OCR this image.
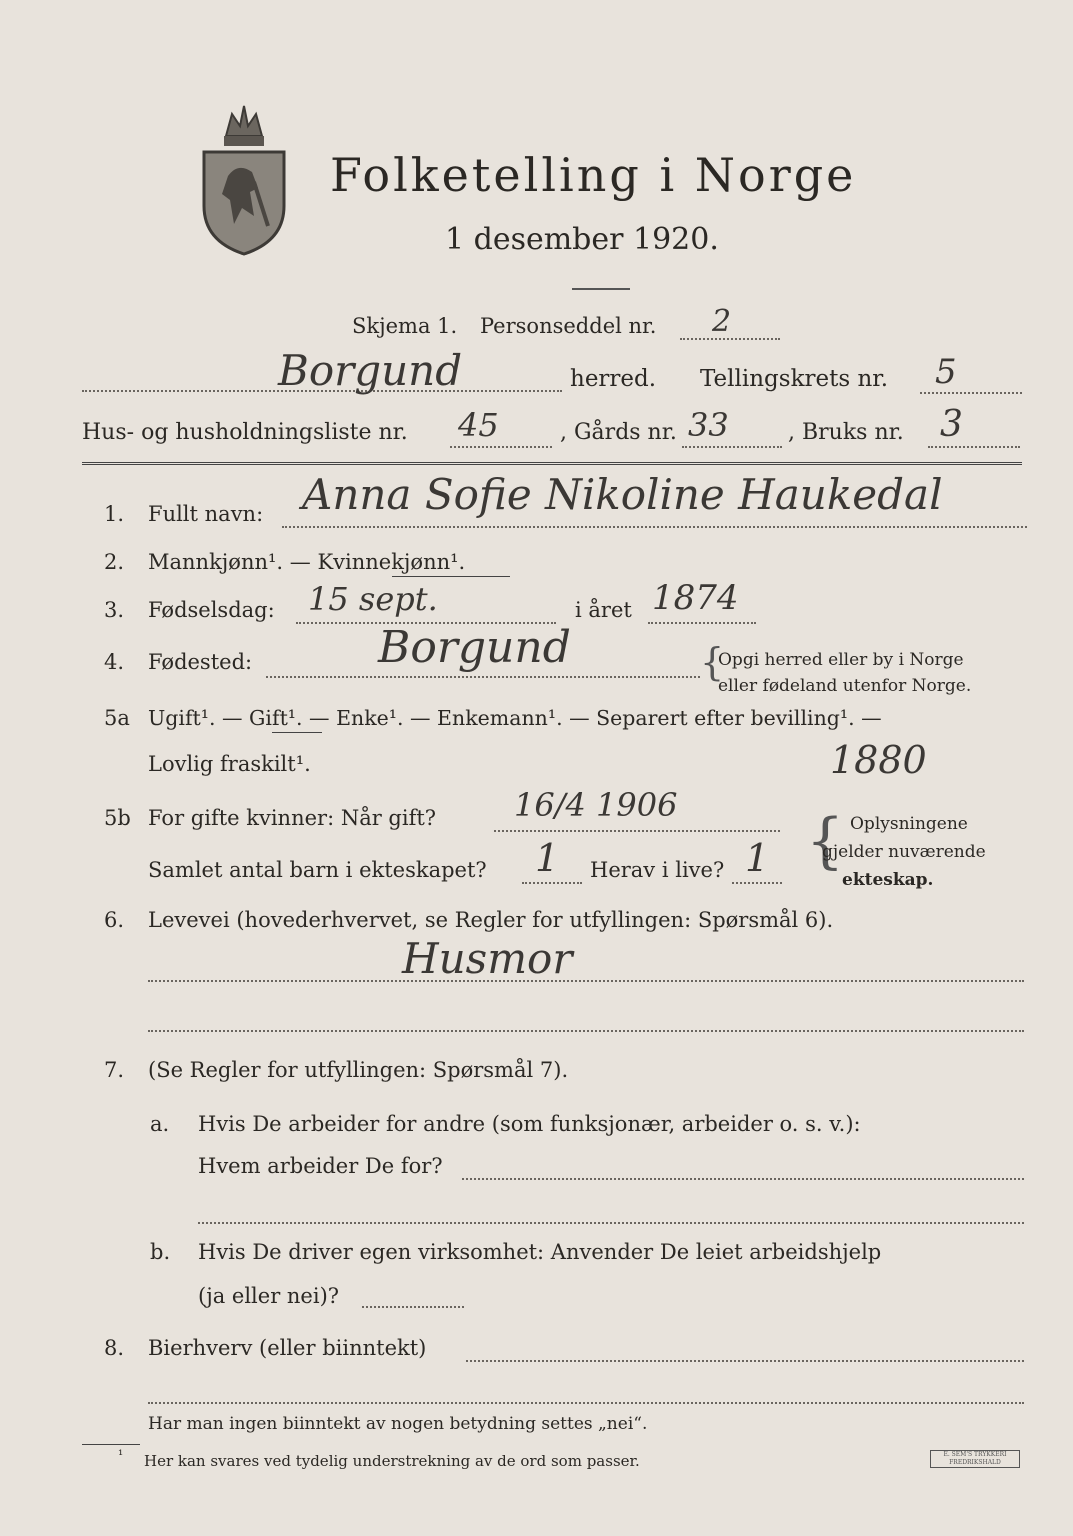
Folketelling i Norge
1 desember 1920.
Skjema 1. Personseddel nr. 2
Borgund	herred. Tellingskrets nr. 5
Hus- og husholdningsliste nr. 45	, Gårds nr. 33	, Bruks nr. 3
1. Fullt navn: Anna Sofie Nikoline Haukedal
2. Mannkjønn¹. — Kvinnekjønn¹.
3. Fødselsdag: 15 sept.	i året 1874
4. Fødested:	Borgund	{
Opgi herred eller by i Norge
eller fødeland utenfor Norge.
5a Ugift¹. — Gift¹. — Enke¹. — Enkemann¹. — Separert efter bevilling¹. —
Lovlig fraskilt¹.	1880
5b For gifte kvinner: Når gift? 16/4 1906
Samlet antal barn i ekteskapet? 1 Herav i live? 1 { Oplysningene
gjelder nuværende
ekteskap.
6. Levevei (hovederhvervet, se Regler for utfyllingen: Spørsmål 6).
Husmor
7. (Se Regler for utfyllingen: Spørsmål 7).
a. Hvis De arbeider for andre (som funksjonær, arbeider o. s. v.):
Hvem arbeider De for?
b. Hvis De driver egen virksomhet: Anvender De leiet arbeidshjelp
(ja eller nei)?
8. Bierhverv (eller biinntekt)
Har man ingen biinntekt av nogen betydning settes „nei“.
¹ Her kan svares ved tydelig understrekning av de ord som passer.	E. SEM'S TRYKKERI FREDRIKSHALD
